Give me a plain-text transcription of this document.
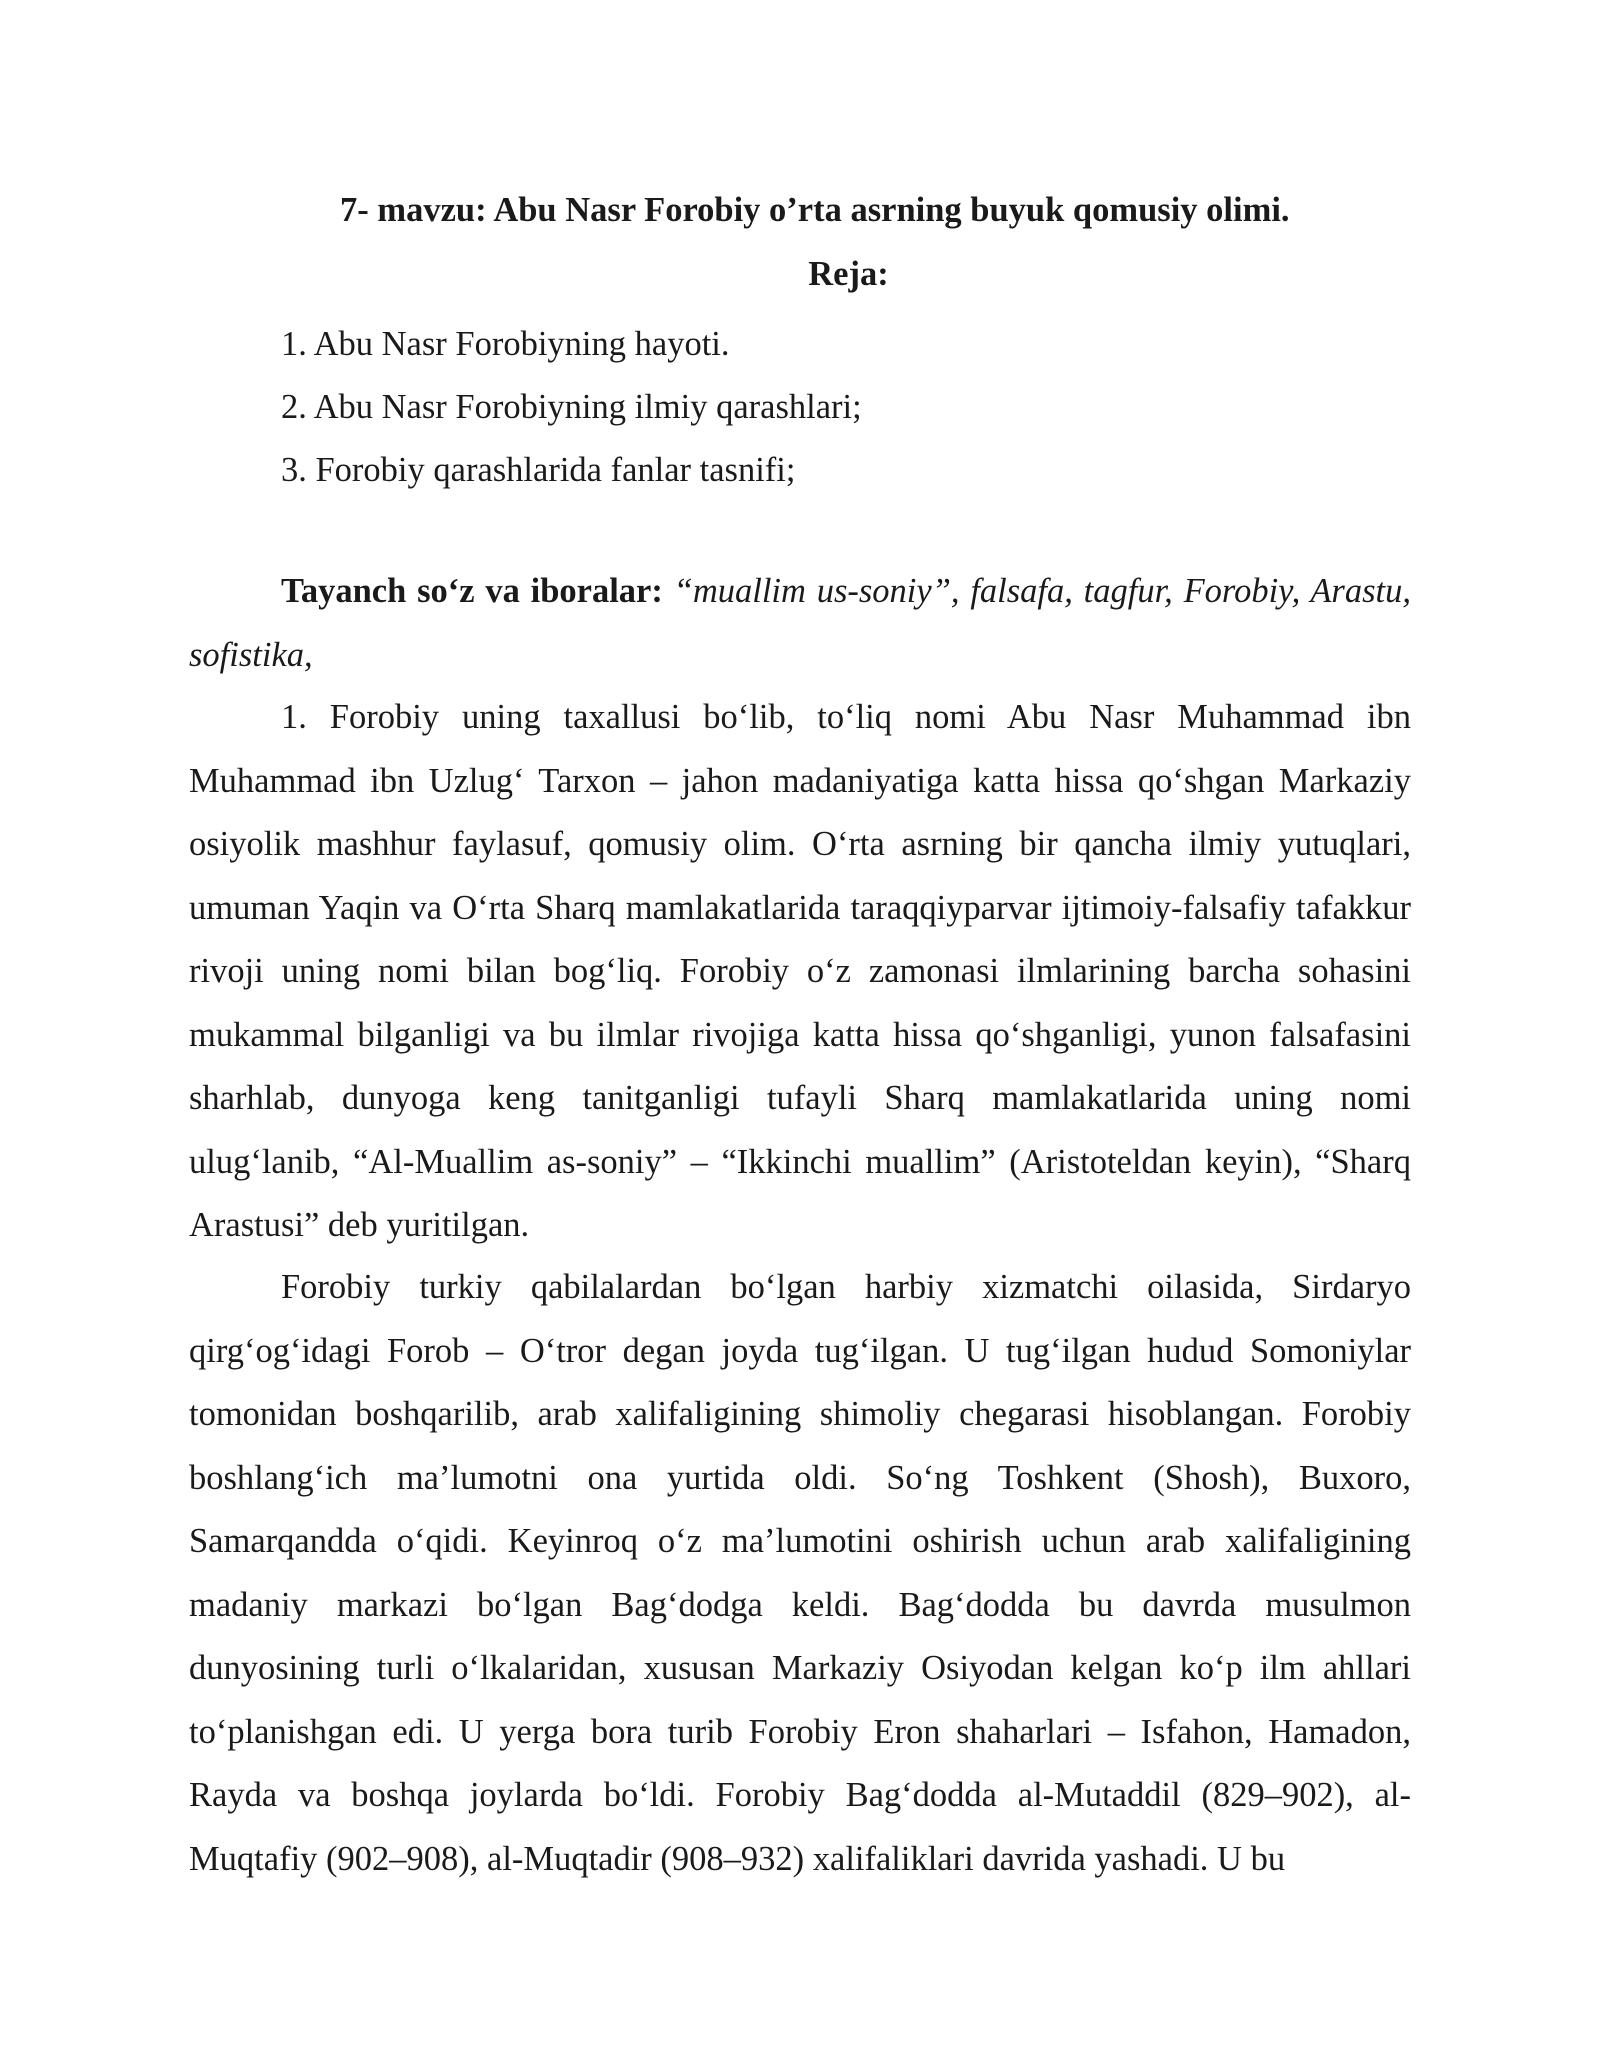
7- mavzu: Abu Nasr Forobiy o’rta asrning buyuk qomusiy olimi.
Reja:
1. Abu Nasr Forobiyning hayoti.
2. Abu Nasr Forobiyning ilmiy qarashlari;
3. Forobiy qarashlarida fanlar tasnifi;

Tayanch so‘z va iboralar: “muallim us-soniy”, falsafa, tagfur, Forobiy, Arastu, sofistika,

1. Forobiy uning taxallusi bo‘lib, to‘liq nomi Abu Nasr Muhammad ibn Muhammad ibn Uzlug‘ Tarxon – jahon madaniyatiga katta hissa qo‘shgan Markaziy osiyolik mashhur faylasuf, qomusiy olim. O‘rta asrning bir qancha ilmiy yutuqlari, umuman Yaqin va O‘rta Sharq mamlakatlarida taraqqiyparvar ijtimoiy-falsafiy tafakkur rivoji uning nomi bilan bog‘liq. Forobiy o‘z zamonasi ilmlarining barcha sohasini mukammal bilganligi va bu ilmlar rivojiga katta hissa qo‘shganligi, yunon falsafasini sharhlab, dunyoga keng tanitganligi tufayli Sharq mamlakatlarida uning nomi ulug‘lanib, “Al-Muallim as-soniy” – “Ikkinchi muallim” (Aristoteldan keyin), “Sharq Arastusi” deb yuritilgan.

Forobiy turkiy qabilalardan bo‘lgan harbiy xizmatchi oilasida, Sirdaryo qirg‘og‘idagi Forob – O‘tror degan joyda tug‘ilgan. U tug‘ilgan hudud Somoniylar tomonidan boshqarilib, arab xalifaligining shimoliy chegarasi hisoblangan. Forobiy boshlang‘ich ma’lumotni ona yurtida oldi. So‘ng Toshkent (Shosh), Buxoro, Samarqandda o‘qidi. Keyinroq o‘z ma’lumotini oshirish uchun arab xalifaligining madaniy markazi bo‘lgan Bag‘dodga keldi. Bag‘dodda bu davrda musulmon dunyosining turli o‘lkalaridan, xususan Markaziy Osiyodan kelgan ko‘p ilm ahllari to‘planishgan edi. U yerga bora turib Forobiy Eron shaharlari – Isfahon, Hamadon, Rayda va boshqa joylarda bo‘ldi. Forobiy Bag‘dodda al-Mutaddil (829–902), al-Muqtafiy (902–908), al-Muqtadir (908–932) xalifaliklari davrida yashadi. U bu
